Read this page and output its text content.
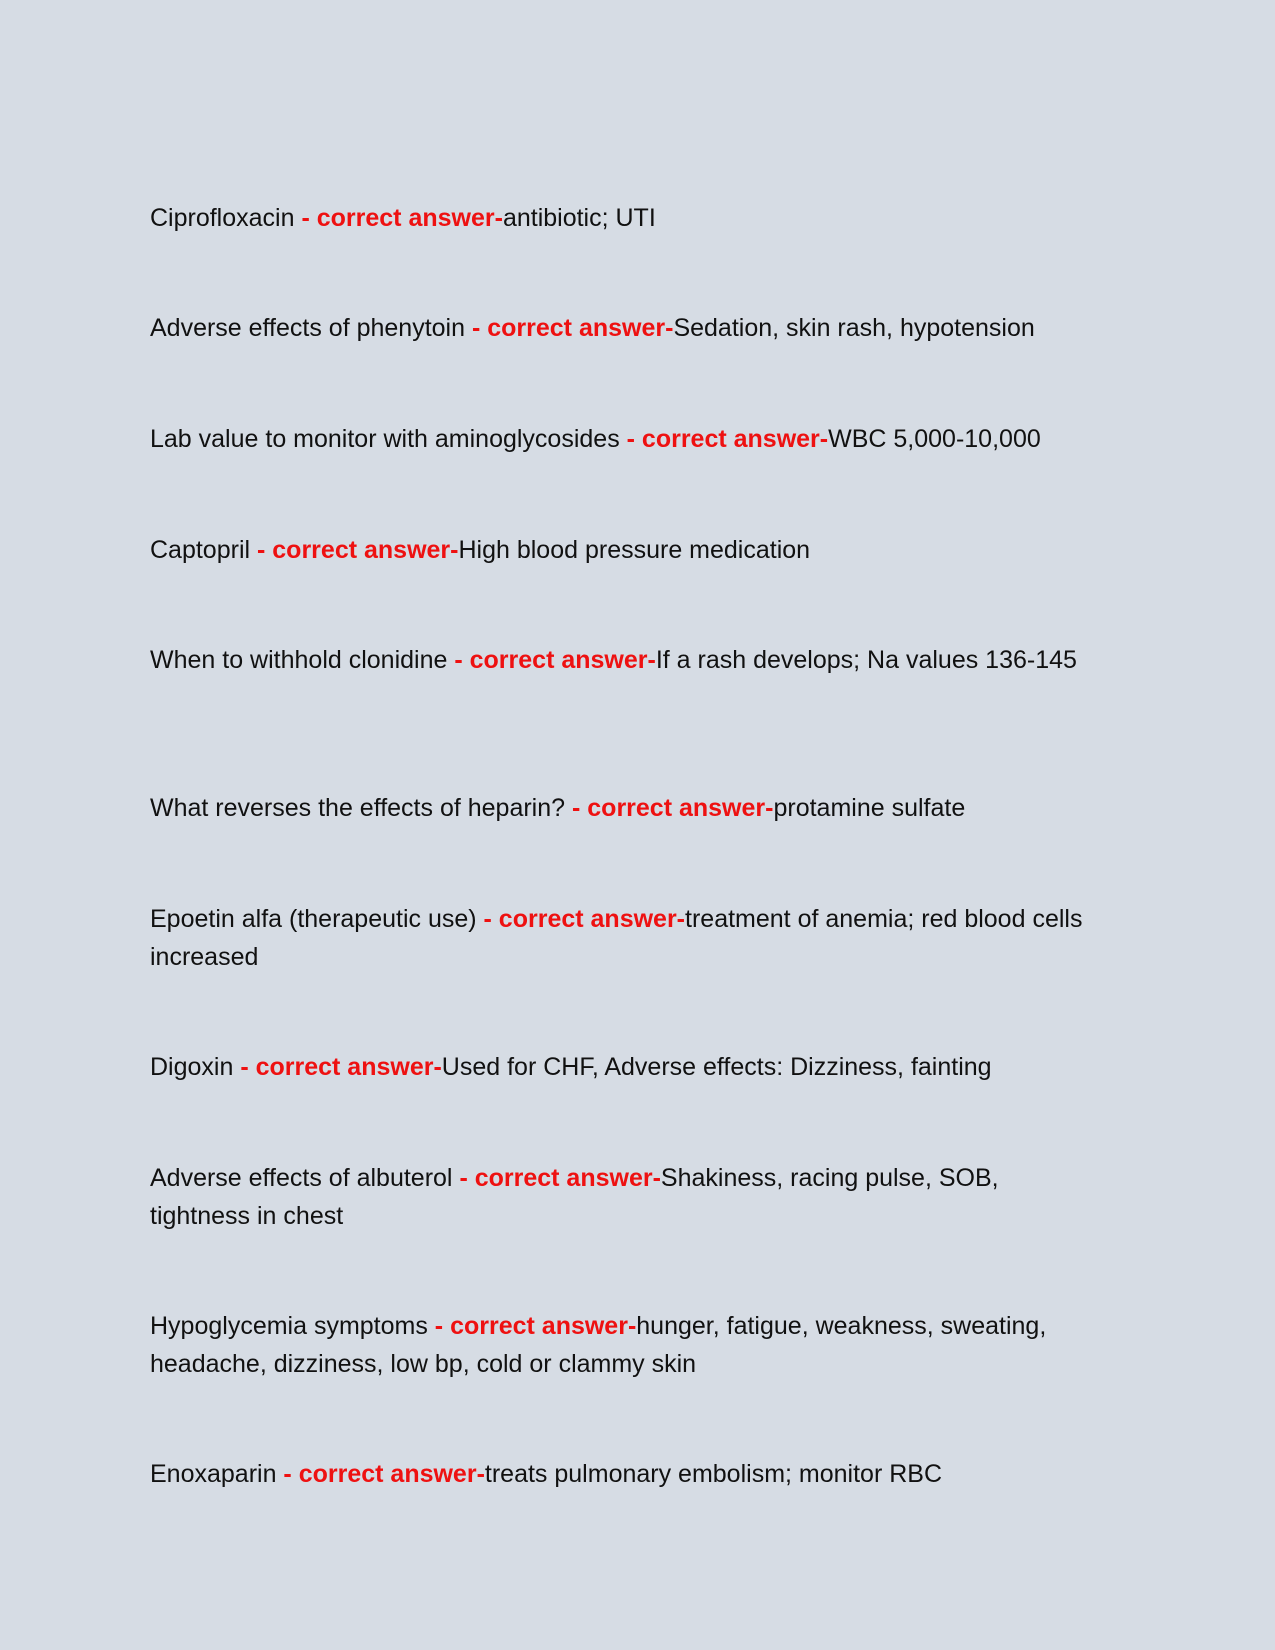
Ciprofloxacin - correct answer-antibiotic; UTI

Adverse effects of phenytoin - correct answer-Sedation, skin rash, hypotension

Lab value to monitor with aminoglycosides - correct answer-WBC 5,000-10,000

Captopril - correct answer-High blood pressure medication

When to withhold clonidine - correct answer-If a rash develops; Na values 136-145

What reverses the effects of heparin? - correct answer-protamine sulfate

Epoetin alfa (therapeutic use) - correct answer-treatment of anemia; red blood cells increased

Digoxin - correct answer-Used for CHF, Adverse effects: Dizziness, fainting

Adverse effects of albuterol - correct answer-Shakiness, racing pulse, SOB, tightness in chest

Hypoglycemia symptoms - correct answer-hunger, fatigue, weakness, sweating, headache, dizziness, low bp, cold or clammy skin

Enoxaparin - correct answer-treats pulmonary embolism; monitor RBC
